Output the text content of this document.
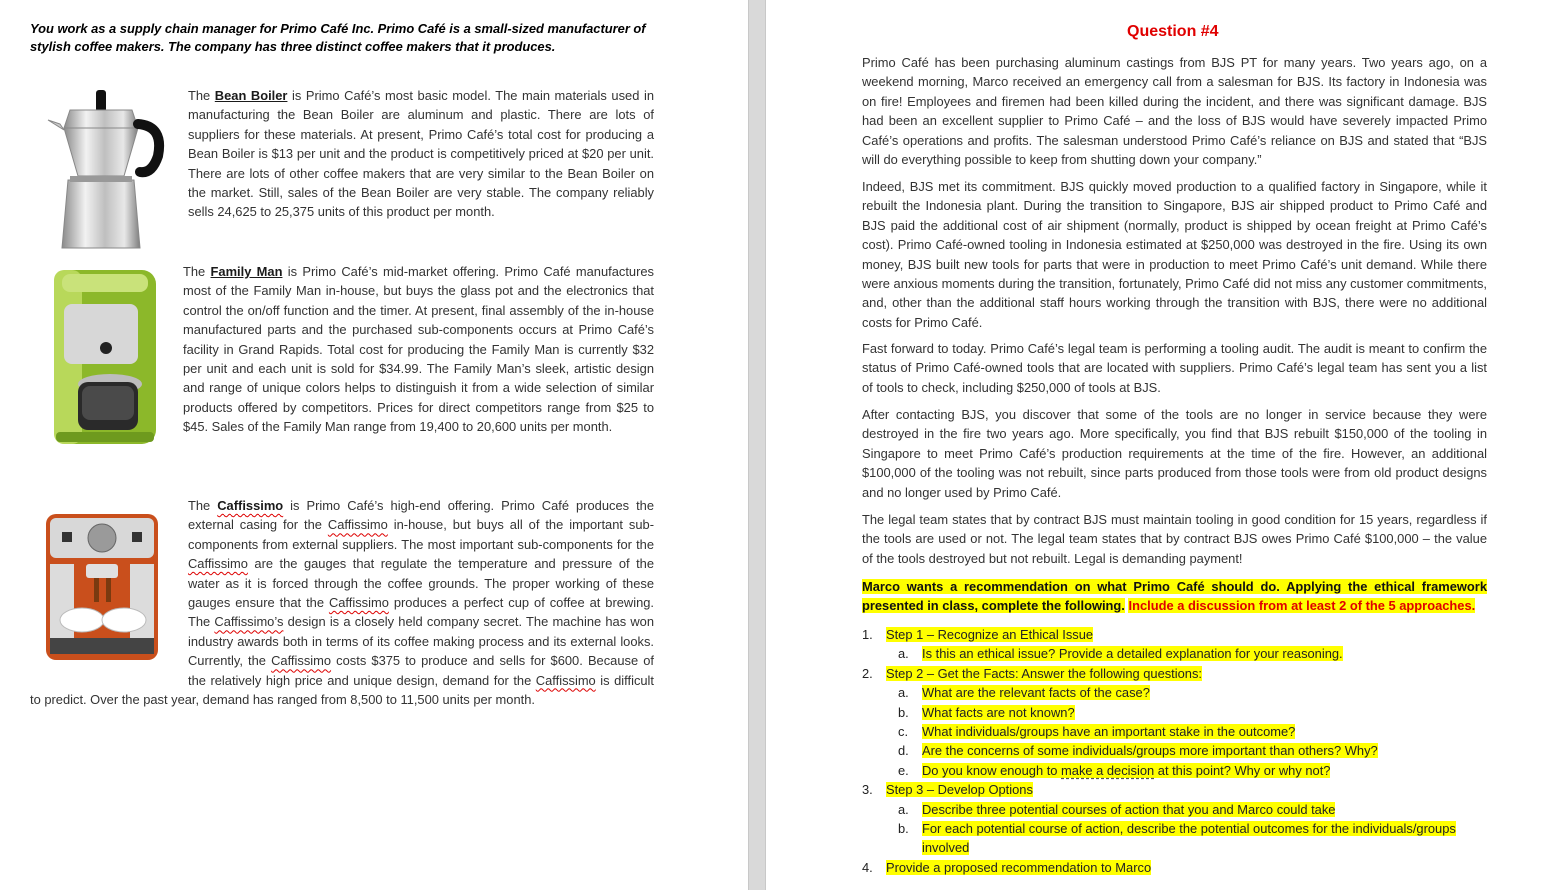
You work as a supply chain manager for Primo Café Inc. Primo Café is a small-sized manufacturer of stylish coffee makers. The company has three distinct coffee makers that it produces.

The Bean Boiler is Primo Café’s most basic model. The main materials used in manufacturing the Bean Boiler are aluminum and plastic. There are lots of suppliers for these materials. At present, Primo Café’s total cost for producing a Bean Boiler is $13 per unit and the product is competitively priced at $20 per unit. There are lots of other coffee makers that are very similar to the Bean Boiler on the market. Still, sales of the Bean Boiler are very stable. The company reliably sells 24,625 to 25,375 units of this product per month.

The Family Man is Primo Café’s mid-market offering. Primo Café manufactures most of the Family Man in-house, but buys the glass pot and the electronics that control the on/off function and the timer. At present, final assembly of the in-house manufactured parts and the purchased sub-components occurs at Primo Café’s facility in Grand Rapids. Total cost for producing the Family Man is currently $32 per unit and each unit is sold for $34.99. The Family Man’s sleek, artistic design and range of unique colors helps to distinguish it from a wide selection of similar products offered by competitors. Prices for direct competitors range from $25 to $45. Sales of the Family Man range from 19,400 to 20,600 units per month.

The Caffissimo is Primo Café’s high-end offering. Primo Café produces the external casing for the Caffissimo in-house, but buys all of the important sub-components from external suppliers. The most important sub-components for the Caffissimo are the gauges that regulate the temperature and pressure of the water as it is forced through the coffee grounds. The proper working of these gauges ensure that the Caffissimo produces a perfect cup of coffee at brewing. The Caffissimo’s design is a closely held company secret. The machine has won industry awards both in terms of its coffee making process and its external looks. Currently, the Caffissimo costs $375 to produce and sells for $600. Because of the relatively high price and unique design, demand for the Caffissimo is difficult to predict. Over the past year, demand has ranged from 8,500 to 11,500 units per month.
Question #4

Primo Café has been purchasing aluminum castings from BJS PT for many years. Two years ago, on a weekend morning, Marco received an emergency call from a salesman for BJS. Its factory in Indonesia was on fire! Employees and firemen had been killed during the incident, and there was significant damage. BJS had been an excellent supplier to Primo Café – and the loss of BJS would have severely impacted Primo Café’s operations and profits. The salesman understood Primo Café’s reliance on BJS and stated that “BJS will do everything possible to keep from shutting down your company.”

Indeed, BJS met its commitment. BJS quickly moved production to a qualified factory in Singapore, while it rebuilt the Indonesia plant. During the transition to Singapore, BJS air shipped product to Primo Café and BJS paid the additional cost of air shipment (normally, product is shipped by ocean freight at Primo Café’s cost). Primo Café-owned tooling in Indonesia estimated at $250,000 was destroyed in the fire. Using its own money, BJS built new tools for parts that were in production to meet Primo Café’s unit demand. While there were anxious moments during the transition, fortunately, Primo Café did not miss any customer commitments, and, other than the additional staff hours working through the transition with BJS, there were no additional costs for Primo Café.

Fast forward to today. Primo Café’s legal team is performing a tooling audit. The audit is meant to confirm the status of Primo Café-owned tools that are located with suppliers. Primo Café’s legal team has sent you a list of tools to check, including $250,000 of tools at BJS.

After contacting BJS, you discover that some of the tools are no longer in service because they were destroyed in the fire two years ago. More specifically, you find that BJS rebuilt $150,000 of the tooling in Singapore to meet Primo Café’s production requirements at the time of the fire. However, an additional $100,000 of the tooling was not rebuilt, since parts produced from those tools were from old product designs and no longer used by Primo Café.

The legal team states that by contract BJS must maintain tooling in good condition for 15 years, regardless if the tools are used or not. The legal team states that by contract BJS owes Primo Café $100,000 – the value of the tools destroyed but not rebuilt. Legal is demanding payment!

Marco wants a recommendation on what Primo Café should do. Applying the ethical framework presented in class, complete the following. Include a discussion from at least 2 of the 5 approaches.

1. Step 1 – Recognize an Ethical Issue
a. Is this an ethical issue? Provide a detailed explanation for your reasoning.
2. Step 2 – Get the Facts: Answer the following questions:
a. What are the relevant facts of the case?
b. What facts are not known?
c. What individuals/groups have an important stake in the outcome?
d. Are the concerns of some individuals/groups more important than others? Why?
e. Do you know enough to make a decision at this point? Why or why not?
3. Step 3 – Develop Options
a. Describe three potential courses of action that you and Marco could take
b. For each potential course of action, describe the potential outcomes for the individuals/groups involved
4. Provide a proposed recommendation to Marco
